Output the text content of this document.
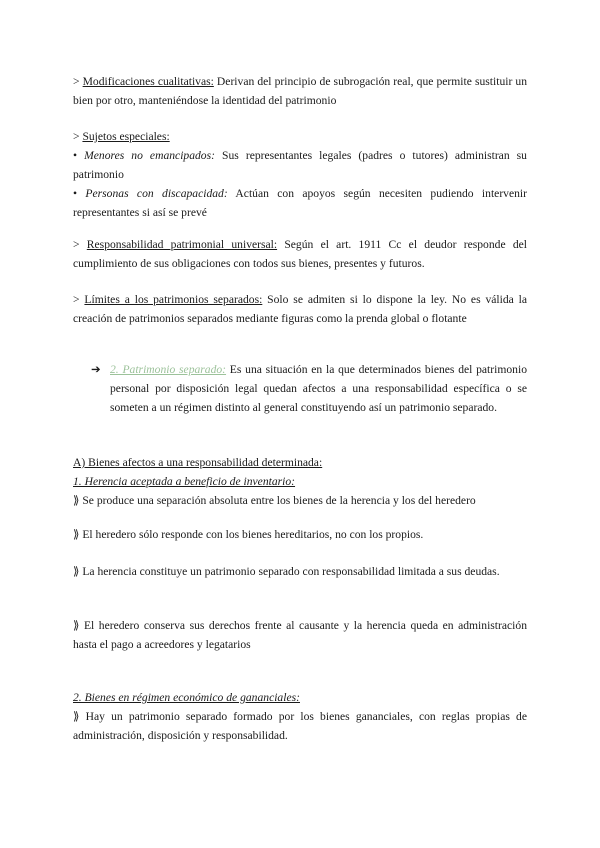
> Modificaciones cualitativas: Derivan del principio de subrogación real, que permite sustituir un bien por otro, manteniéndose la identidad del patrimonio

> Sujetos especiales:

• Menores no emancipados: Sus representantes legales (padres o tutores) administran su patrimonio

• Personas con discapacidad: Actúan con apoyos según necesiten pudiendo intervenir representantes si así se prevé

> Responsabilidad patrimonial universal: Según el art. 1911 Cc el deudor responde del cumplimiento de sus obligaciones con todos sus bienes, presentes y futuros.

> Límites a los patrimonios separados: Solo se admiten si lo dispone la ley. No es válida la creación de patrimonios separados mediante figuras como la prenda global o flotante

➔ 2. Patrimonio separado: Es una situación en la que determinados bienes del patrimonio personal por disposición legal quedan afectos a una responsabilidad específica o se someten a un régimen distinto al general constituyendo así un patrimonio separado.

A) Bienes afectos a una responsabilidad determinada:

1. Herencia aceptada a beneficio de inventario:

⟫ Se produce una separación absoluta entre los bienes de la herencia y los del heredero

⟫ El heredero sólo responde con los bienes hereditarios, no con los propios.

⟫ La herencia constituye un patrimonio separado con responsabilidad limitada a sus deudas.

⟫ El heredero conserva sus derechos frente al causante y la herencia queda en administración hasta el pago a acreedores y legatarios

2. Bienes en régimen económico de gananciales:

⟫ Hay un patrimonio separado formado por los bienes gananciales, con reglas propias de administración, disposición y responsabilidad.
